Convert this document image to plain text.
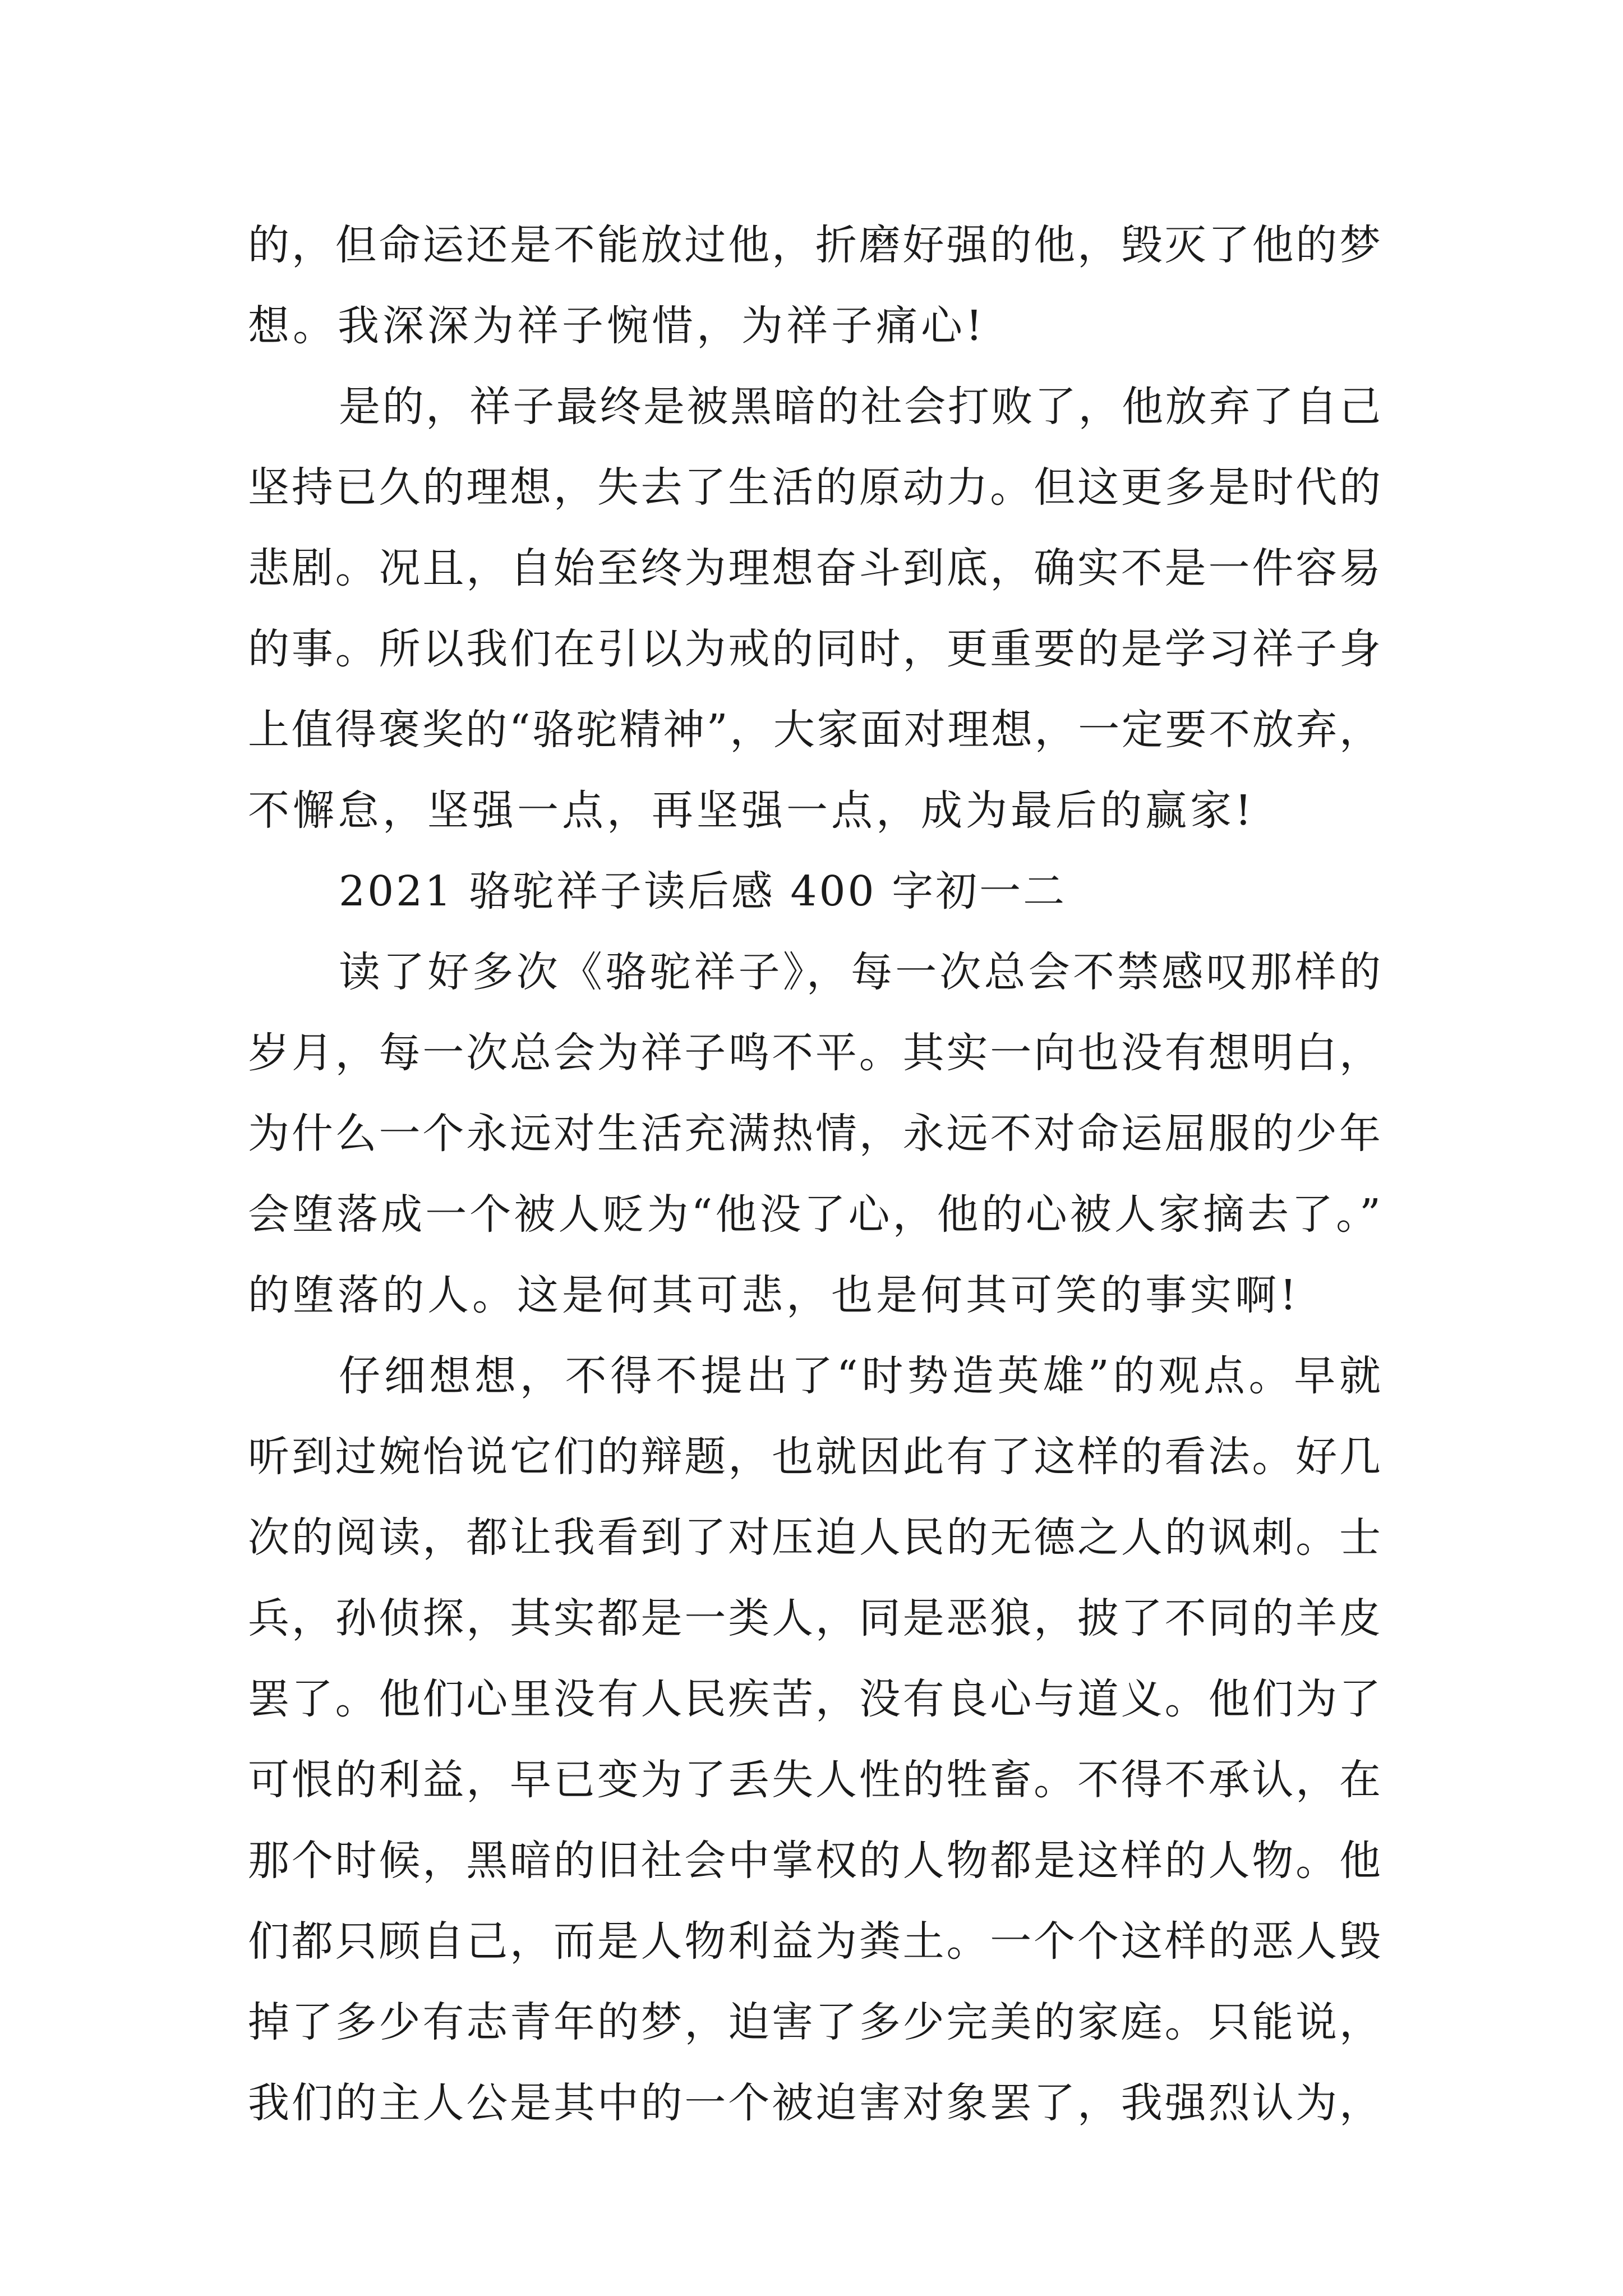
的，但命运还是不能放过他，折磨好强的他，毁灭了他的梦
想。我深深为祥子惋惜，为祥子痛心!
是的，祥子最终是被黑暗的社会打败了，他放弃了自己
坚持已久的理想，失去了生活的原动力。但这更多是时代的
悲剧。况且，自始至终为理想奋斗到底，确实不是一件容易
的事。所以我们在引以为戒的同时，更重要的是学习祥子身
上值得褒奖的“骆驼精神”，大家面对理想，一定要不放弃，
不懈怠，坚强一点，再坚强一点，成为最后的赢家!
2021 骆驼祥子读后感 400 字初一二
读了好多次《骆驼祥子》，每一次总会不禁感叹那样的
岁月，每一次总会为祥子鸣不平。其实一向也没有想明白，
为什么一个永远对生活充满热情，永远不对命运屈服的少年
会堕落成一个被人贬为“他没了心，他的心被人家摘去了。”
的堕落的人。这是何其可悲，也是何其可笑的事实啊!
仔细想想，不得不提出了“时势造英雄”的观点。早就
听到过婉怡说它们的辩题，也就因此有了这样的看法。好几
次的阅读，都让我看到了对压迫人民的无德之人的讽刺。士
兵，孙侦探，其实都是一类人，同是恶狼，披了不同的羊皮
罢了。他们心里没有人民疾苦，没有良心与道义。他们为了
可恨的利益，早已变为了丢失人性的牲畜。不得不承认，在
那个时候，黑暗的旧社会中掌权的人物都是这样的人物。他
们都只顾自己，而是人物利益为粪土。一个个这样的恶人毁
掉了多少有志青年的梦，迫害了多少完美的家庭。只能说，
我们的主人公是其中的一个被迫害对象罢了，我强烈认为，
